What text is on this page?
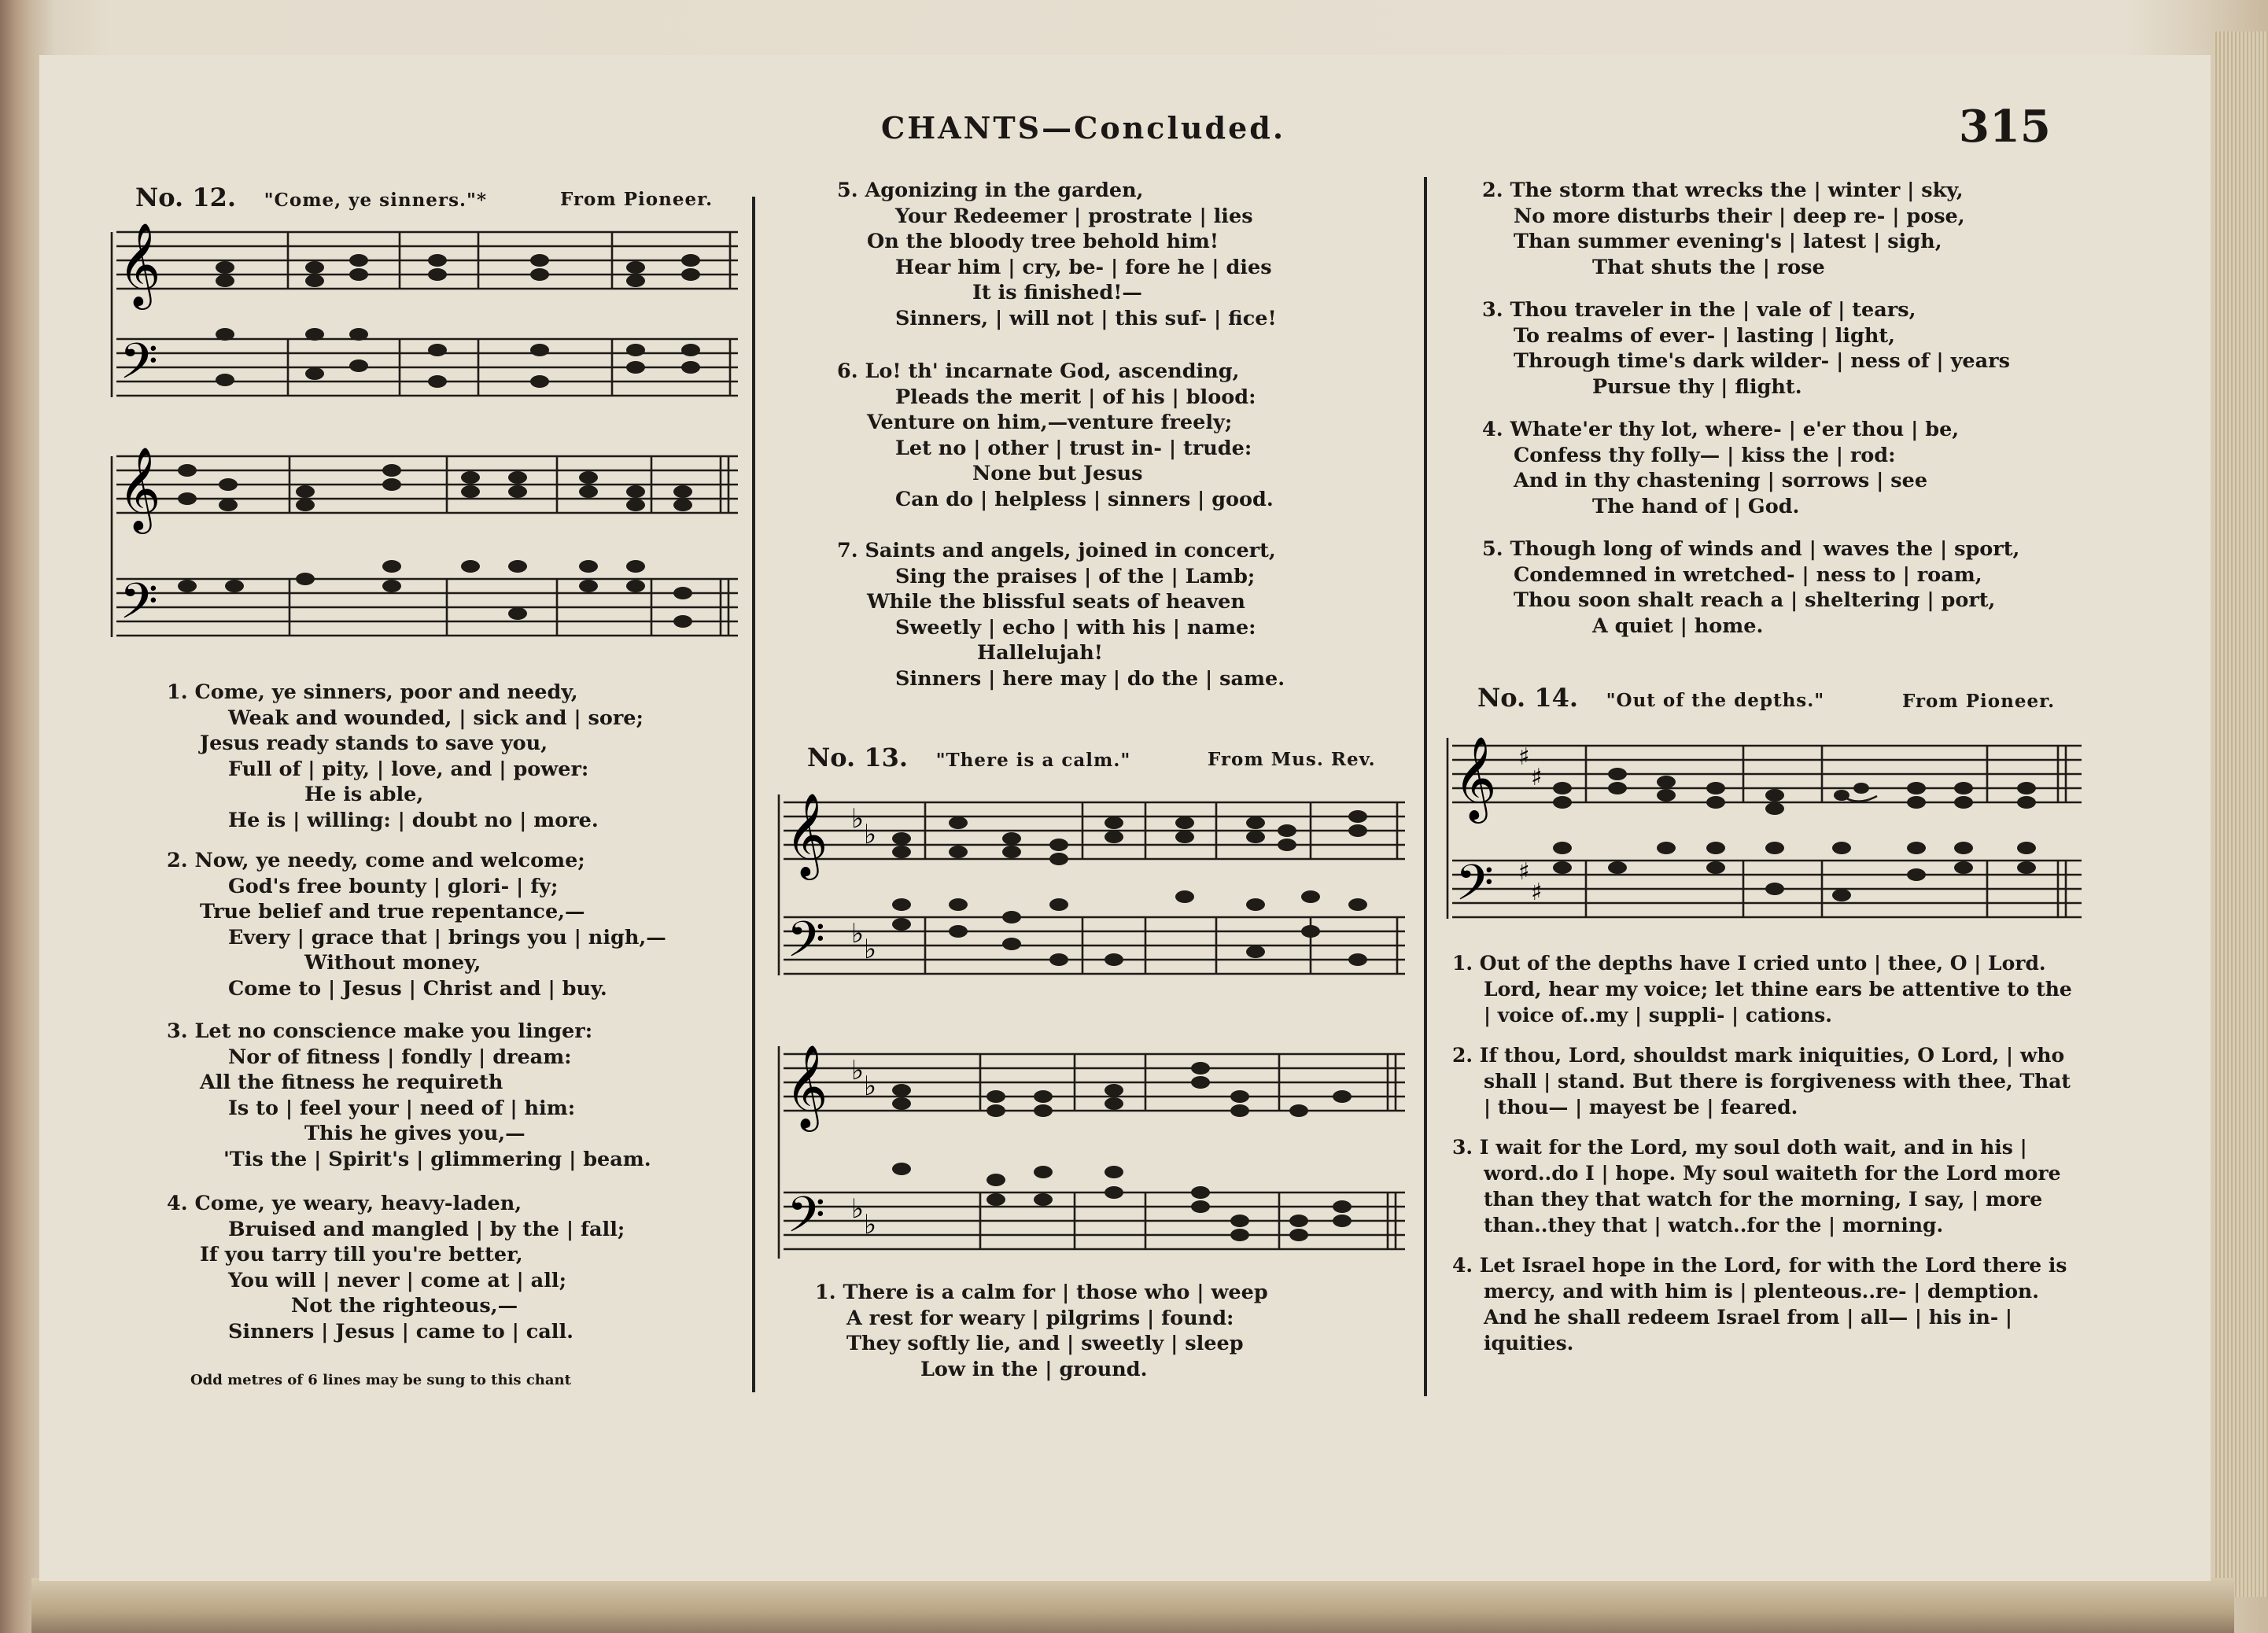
CHANTS—Concluded.	315
No. 12. "Come, ye sinners."*	From Pioneer.
𝄞
𝄢
𝄞
𝄢
1. Come, ye sinners, poor and needy,
Weak and wounded, | sick and | sore;
Jesus ready stands to save you,
Full of | pity, | love, and | power:
He is able,
He is | willing: | doubt no | more.
2. Now, ye needy, come and welcome;
God's free bounty | glori- | fy;
True belief and true repentance,—
Every | grace that | brings you | nigh,—
Without money,
Come to | Jesus | Christ and | buy.
3. Let no conscience make you linger:
Nor of fitness | fondly | dream:
All the fitness he requireth
Is to | feel your | need of | him:
This he gives you,—
'Tis the | Spirit's | glimmering | beam.
4. Come, ye weary, heavy-laden,
Bruised and mangled | by the | fall;
If you tarry till you're better,
You will | never | come at | all;
Not the righteous,—
Sinners | Jesus | came to | call.
Odd metres of 6 lines may be sung to this chant
5. Agonizing in the garden,
Your Redeemer | prostrate | lies
On the bloody tree behold him!
Hear him | cry, be- | fore he | dies
It is finished!—
Sinners, | will not | this suf- | fice!
6. Lo! th' incarnate God, ascending,
Pleads the merit | of his | blood:
Venture on him,—venture freely;
Let no | other | trust in- | trude:
None but Jesus
Can do | helpless | sinners | good.
7. Saints and angels, joined in concert,
Sing the praises | of the | Lamb;
While the blissful seats of heaven
Sweetly | echo | with his | name:
Hallelujah!
Sinners | here may | do the | same.
No. 13. "There is a calm."	From Mus. Rev.
𝄞 ♭ ♭
𝄢 ♭ ♭
𝄞 ♭ ♭
𝄢 ♭ ♭
1. There is a calm for | those who | weep
A rest for weary | pilgrims | found:
They softly lie, and | sweetly | sleep
Low in the | ground.
2. The storm that wrecks the | winter | sky,
No more disturbs their | deep re- | pose,
Than summer evening's | latest | sigh,
That shuts the | rose
3. Thou traveler in the | vale of | tears,
To realms of ever- | lasting | light,
Through time's dark wilder- | ness of | years
Pursue thy | flight.
4. Whate'er thy lot, where- | e'er thou | be,
Confess thy folly— | kiss the | rod:
And in thy chastening | sorrows | see
The hand of | God.
5. Though long of winds and | waves the | sport,
Condemned in wretched- | ness to | roam,
Thou soon shalt reach a | sheltering | port,
A quiet | home.
No. 14. "Out of the depths."	From Pioneer.
𝄞 ♯
♯
𝄢 ♯
♯

1. Out of the depths have I cried unto | thee, O | Lord. Lord, hear my voice; let thine ears be attentive to the | voice of..my | suppli- | cations.

2. If thou, Lord, shouldst mark iniquities, O Lord, | who shall | stand. But there is forgiveness with thee, That | thou— | mayest be | feared.

3. I wait for the Lord, my soul doth wait, and in his | word..do I | hope. My soul waiteth for the Lord more than they that watch for the morning, I say, | more than..they that | watch..for the | morning.

4. Let Israel hope in the Lord, for with the Lord there is mercy, and with him is | plenteous..re- | demption. And he shall redeem Israel from | all— | his in- | iquities.
